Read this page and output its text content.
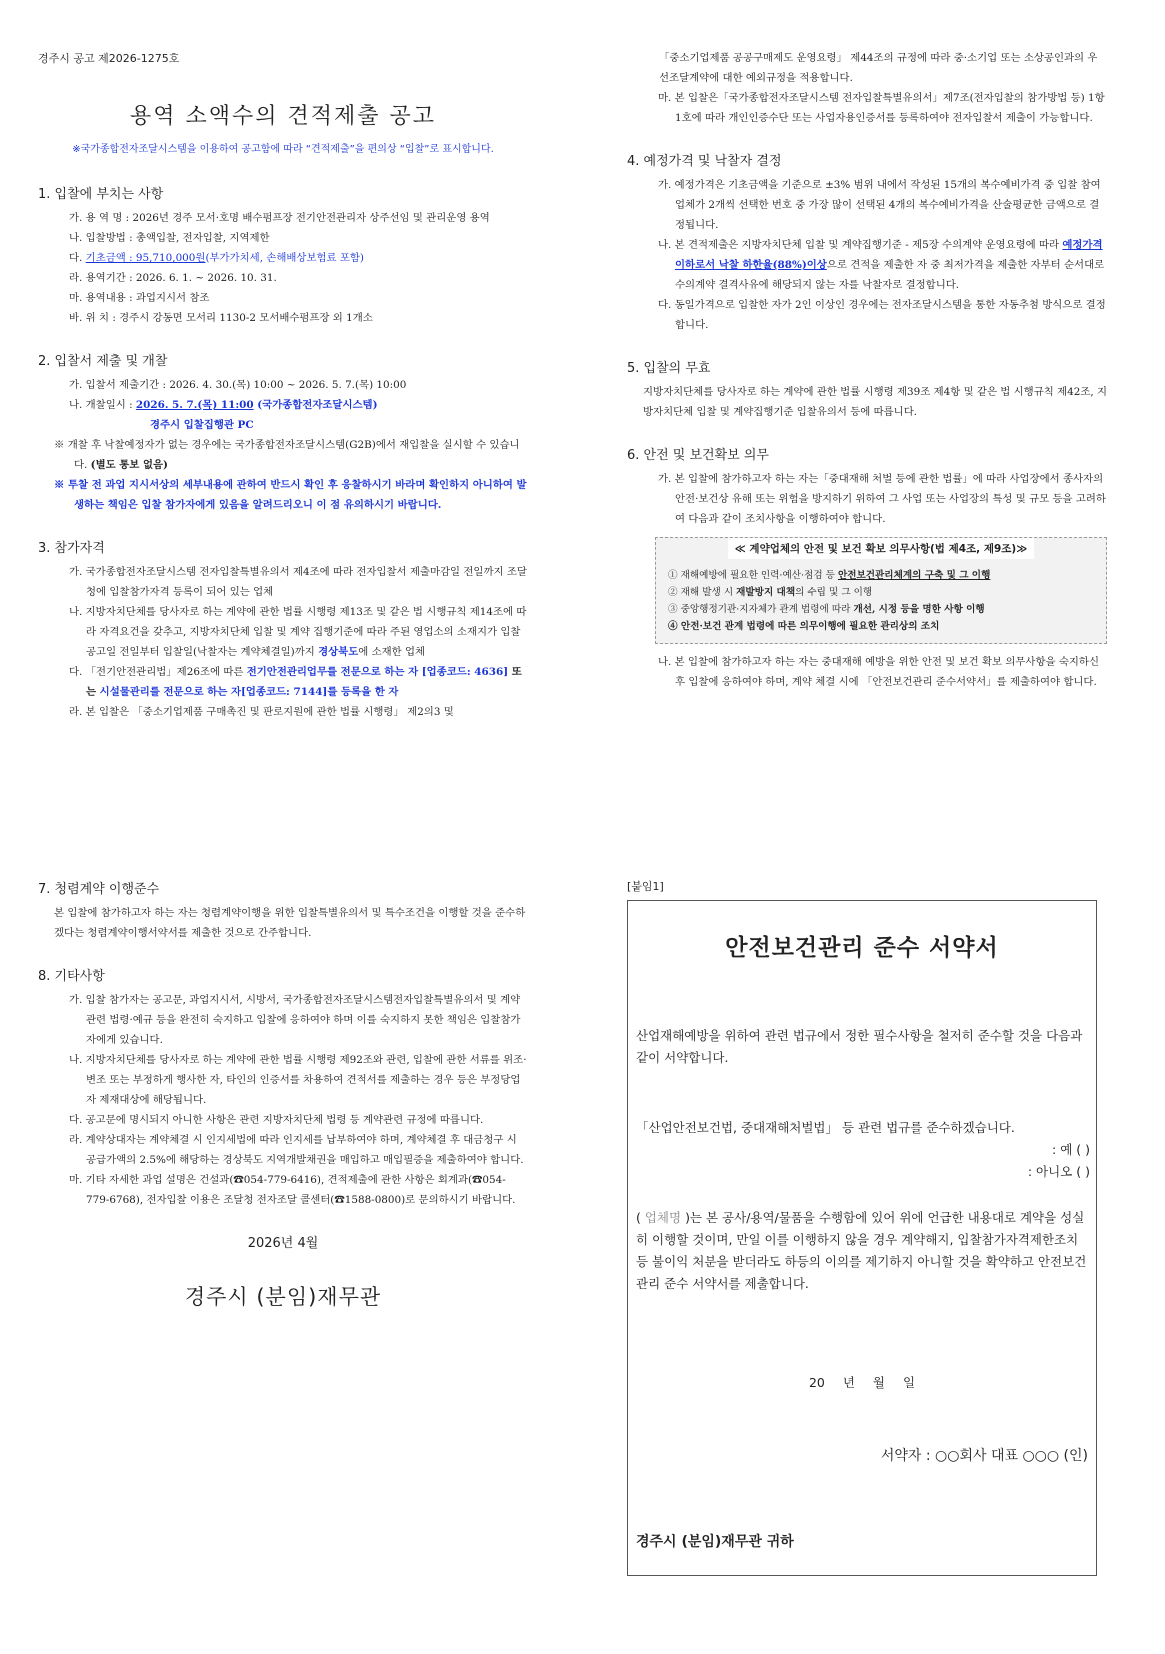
경주시 공고 제2026-1275호
용역 소액수의 견적제출 공고
※국가종합전자조달시스템을 이용하여 공고함에 따라 “견적제출”을 편의상 “입찰”로 표시합니다.
1. 입찰에 부치는 사항
가. 용 역 명 : 2026년 경주 모서·호명 배수펌프장 전기안전관리자 상주선임 및 관리운영 용역
나. 입찰방법 : 총액입찰, 전자입찰, 지역제한
다. 기초금액 : 95,710,000원(부가가치세, 손해배상보험료 포함)
라. 용역기간 : 2026. 6. 1. ~ 2026. 10. 31.
마. 용역내용 : 과업지시서 참조
바. 위 치 : 경주시 강동면 모서리 1130-2 모서배수펌프장 외 1개소
2. 입찰서 제출 및 개찰
가. 입찰서 제출기간 : 2026. 4. 30.(목) 10:00 ~ 2026. 5. 7.(목) 10:00
나. 개찰일시 : 2026. 5. 7.(목) 11:00 (국가종합전자조달시스템)
경주시 입찰집행관 PC
※ 개찰 후 낙찰예정자가 없는 경우에는 국가종합전자조달시스템(G2B)에서 재입찰을 실시할 수 있습니다. (별도 통보 없음)
※ 투찰 전 과업 지시서상의 세부내용에 관하여 반드시 확인 후 응찰하시기 바라며 확인하지 아니하여 발생하는 책임은 입찰 참가자에게 있음을 알려드리오니 이 점 유의하시기 바랍니다.
3. 참가자격
가. 국가종합전자조달시스템 전자입찰특별유의서 제4조에 따라 전자입찰서 제출마감일 전일까지 조달청에 입찰참가자격 등록이 되어 있는 업체
나. 지방자치단체를 당사자로 하는 계약에 관한 법률 시행령 제13조 및 같은 법 시행규칙 제14조에 따라 자격요건을 갖추고, 지방자치단체 입찰 및 계약 집행기준에 따라 주된 영업소의 소재지가 입찰공고일 전일부터 입찰일(낙찰자는 계약체결일)까지 경상북도에 소재한 업체
다. 「전기안전관리법」제26조에 따른 전기안전관리업무를 전문으로 하는 자 [업종코드: 4636] 또는 시설물관리를 전문으로 하는 자[업종코드: 7144]를 등록을 한 자
라. 본 입찰은 「중소기업제품 구매촉진 및 판로지원에 관한 법률 시행령」 제2의3 및
「중소기업제품 공공구매제도 운영요령」 제44조의 규정에 따라 중·소기업 또는 소상공인과의 우선조달계약에 대한 예외규정을 적용합니다.
마. 본 입찰은「국가종합전자조달시스템 전자입찰특별유의서」제7조(전자입찰의 참가방법 등) 1항 1호에 따라 개인인증수단 또는 사업자용인증서를 등록하여야 전자입찰서 제출이 가능합니다.
4. 예정가격 및 낙찰자 결정
가. 예정가격은 기초금액을 기준으로 ±3% 범위 내에서 작성된 15개의 복수예비가격 중 입찰 참여 업체가 2개씩 선택한 번호 중 가장 많이 선택된 4개의 복수예비가격을 산술평균한 금액으로 결정됩니다.
나. 본 견적제출은 지방자치단체 입찰 및 계약집행기준 - 제5장 수의계약 운영요령에 따라 예정가격 이하로서 낙찰 하한율(88%)이상으로 견적을 제출한 자 중 최저가격을 제출한 자부터 순서대로 수의계약 결격사유에 해당되지 않는 자를 낙찰자로 결정합니다.
다. 동일가격으로 입찰한 자가 2인 이상인 경우에는 전자조달시스템을 통한 자동추첨 방식으로 결정합니다.
5. 입찰의 무효
지방자치단체를 당사자로 하는 계약에 관한 법률 시행령 제39조 제4항 및 같은 법 시행규칙 제42조, 지방자치단체 입찰 및 계약집행기준 입찰유의서 등에 따릅니다.
6. 안전 및 보건확보 의무
가. 본 입찰에 참가하고자 하는 자는「중대재해 처벌 등에 관한 법률」에 따라 사업장에서 종사자의 안전·보건상 유해 또는 위험을 방지하기 위하여 그 사업 또는 사업장의 특성 및 규모 등을 고려하여 다음과 같이 조치사항을 이행하여야 합니다.
≪ 계약업체의 안전 및 보건 확보 의무사항(법 제4조, 제9조)≫
① 재해예방에 필요한 인력·예산·점검 등 안전보건관리체계의 구축 및 그 이행
② 재해 발생 시 재발방지 대책의 수립 및 그 이행
③ 중앙행정기관·지자체가 관계 법령에 따라 개선, 시정 등을 명한 사항 이행
④ 안전·보건 관계 법령에 따른 의무이행에 필요한 관리상의 조치
나. 본 입찰에 참가하고자 하는 자는 중대재해 예방을 위한 안전 및 보건 확보 의무사항을 숙지하신 후 입찰에 응하여야 하며, 계약 체결 시에 「안전보건관리 준수서약서」를 제출하여야 합니다.
7. 청렴계약 이행준수
본 입찰에 참가하고자 하는 자는 청렴계약이행을 위한 입찰특별유의서 및 특수조건을 이행할 것을 준수하겠다는 청렴계약이행서약서를 제출한 것으로 간주합니다.
8. 기타사항
가. 입찰 참가자는 공고문, 과업지시서, 시방서, 국가종합전자조달시스템전자입찰특별유의서 및 계약 관련 법령·예규 등을 완전히 숙지하고 입찰에 응하여야 하며 이를 숙지하지 못한 책임은 입찰참가자에게 있습니다.
나. 지방자치단체를 당사자로 하는 계약에 관한 법률 시행령 제92조와 관련, 입찰에 관한 서류를 위조·변조 또는 부정하게 행사한 자, 타인의 인증서를 차용하여 견적서를 제출하는 경우 등은 부정당업자 제재대상에 해당됩니다.
다. 공고문에 명시되지 아니한 사항은 관련 지방자치단체 법령 등 계약관련 규정에 따릅니다.
라. 계약상대자는 계약체결 시 인지세법에 따라 인지세를 납부하여야 하며, 계약체결 후 대금청구 시 공급가액의 2.5%에 해당하는 경상북도 지역개발채권을 매입하고 매입필증을 제출하여야 합니다.
마. 기타 자세한 과업 설명은 건설과(☎054-779-6416), 견적제출에 관한 사항은 회계과(☎054-779-6768), 전자입찰 이용은 조달청 전자조달 콜센터(☎1588-0800)로 문의하시기 바랍니다.
2026년 4월
경주시 (분임)재무관
[붙임1]
안전보건관리 준수 서약서
산업재해예방을 위하여 관련 법규에서 정한 필수사항을 철저히 준수할 것을 다음과 같이 서약합니다.
「산업안전보건법, 중대재해처벌법」 등 관련 법규를 준수하겠습니다.
: 예 ( )
: 아니오 ( )
( 업체명 )는 본 공사/용역/물품을 수행함에 있어 위에 언급한 내용대로 계약을 성실히 이행할 것이며, 만일 이를 이행하지 않을 경우 계약해지, 입찰참가자격제한조치 등 불이익 처분을 받더라도 하등의 이의를 제기하지 아니할 것을 확약하고 안전보건관리 준수 서약서를 제출합니다.
20 년 월 일
서약자 : ○○회사 대표 ○○○ (인)
경주시 (분임)재무관 귀하
